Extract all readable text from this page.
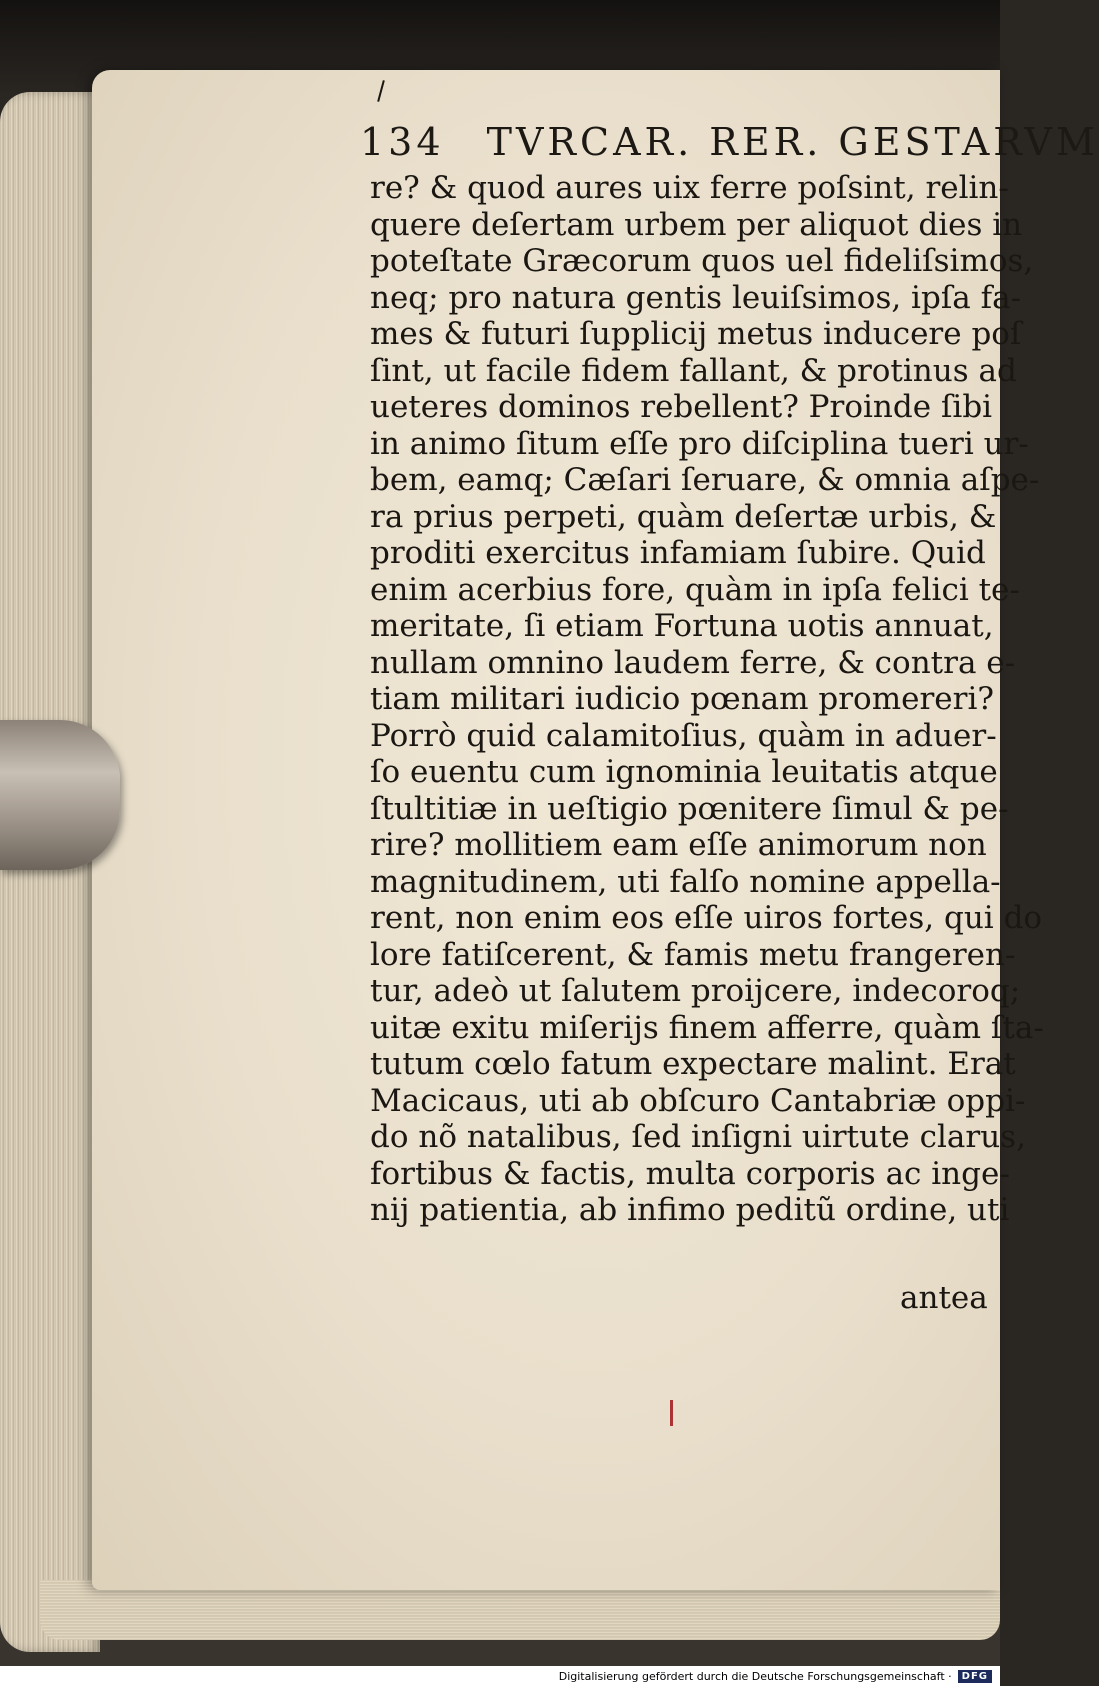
134 TVRCAR. RER. GESTARVM
re? & quod aures uix ferre poſsint, relin-
quere deſertam urbem per aliquot dies in
poteſtate Græcorum quos uel fideliſsimos,
neq; pro natura gentis leuiſsimos, ipſa fa-
mes & futuri ſupplicij metus inducere poſ
ſint, ut facile fidem fallant, & protinus ad
ueteres dominos rebellent? Proinde ſibi
in animo ſitum eſſe pro diſciplina tueri ur-
bem, eamq; Cæſari ſeruare, & omnia aſpe-
ra prius perpeti, quàm deſertæ urbis, &
proditi exercitus infamiam ſubire. Quid
enim acerbius fore, quàm in ipſa felici te-
meritate, ſi etiam Fortuna uotis annuat,
nullam omnino laudem ferre, & contra e-
tiam militari iudicio pœnam promereri?
Porrò quid calamitoſius, quàm in aduer-
ſo euentu cum ignominia leuitatis atque
ſtultitiæ in ueſtigio pœnitere ſimul & pe-
rire? mollitiem eam eſſe animorum non
magnitudinem, uti falſo nomine appella-
rent, non enim eos eſſe uiros fortes, qui do
lore fatiſcerent, & famis metu frangeren-
tur, adeò ut ſalutem proijcere, indecoroq;
uitæ exitu miſerijs finem afferre, quàm ſta-
tutum cœlo fatum expectare malint. Erat
Macicaus, uti ab obſcuro Cantabriæ oppi-
do nõ natalibus, ſed inſigni uirtute clarus,
fortibus & factis, multa corporis ac inge-
nij patientia, ab infimo peditũ ordine, uti
antea
Digitalisierung gefördert durch die Deutsche Forschungsgemeinschaft ·	DFG
